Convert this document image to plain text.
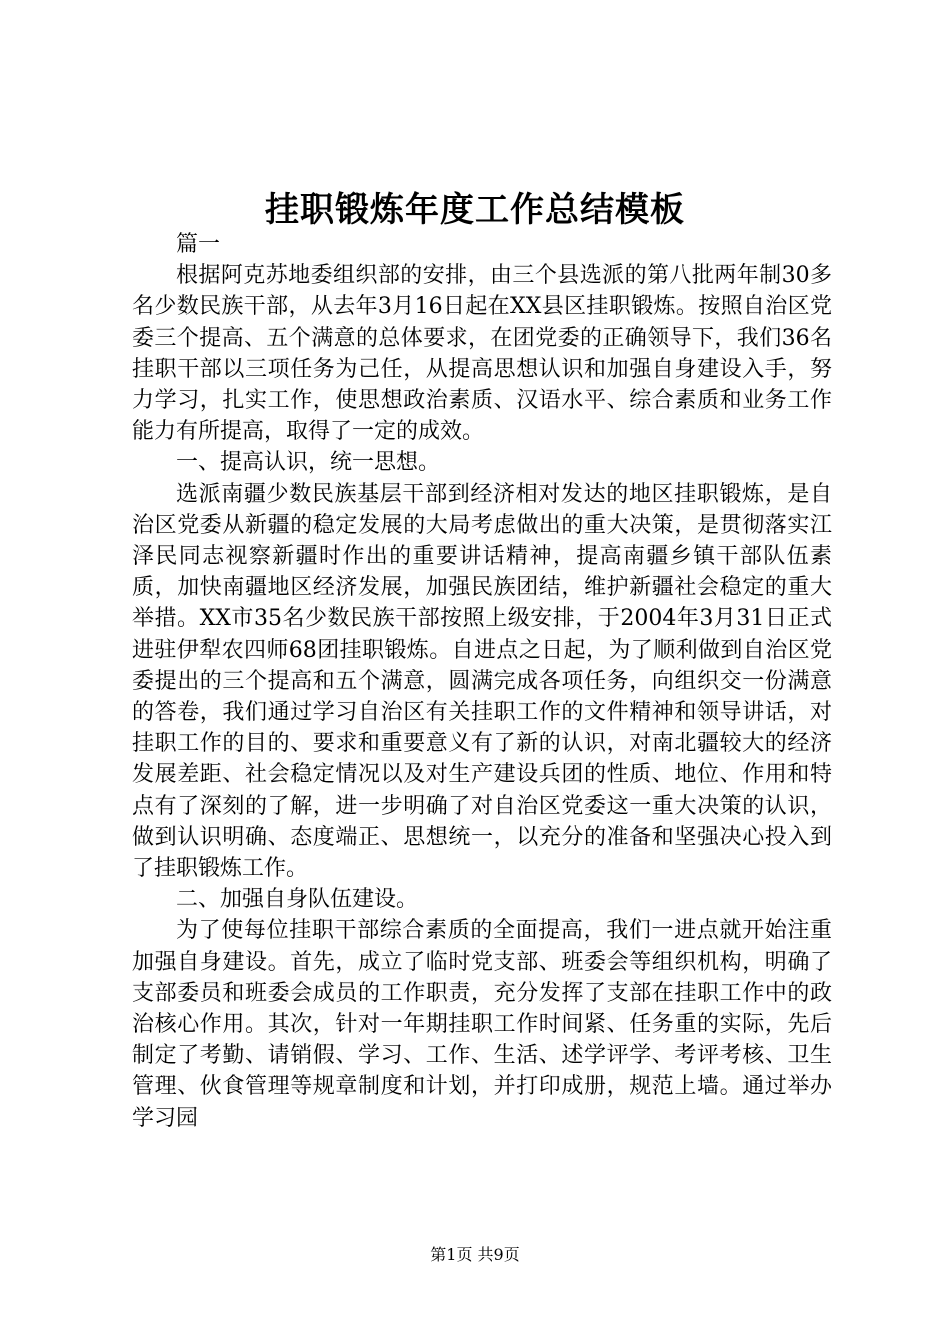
挂职锻炼年度工作总结模板

篇一

根据阿克苏地委组织部的安排，由三个县选派的第八批两年制30多名少数民族干部，从去年3月16日起在XX县区挂职锻炼。按照自治区党委三个提高、五个满意的总体要求，在团党委的正确领导下，我们36名挂职干部以三项任务为己任，从提高思想认识和加强自身建设入手，努力学习，扎实工作，使思想政治素质、汉语水平、综合素质和业务工作能力有所提高，取得了一定的成效。

一、提高认识，统一思想。

选派南疆少数民族基层干部到经济相对发达的地区挂职锻炼，是自治区党委从新疆的稳定发展的大局考虑做出的重大决策，是贯彻落实江泽民同志视察新疆时作出的重要讲话精神，提高南疆乡镇干部队伍素质，加快南疆地区经济发展，加强民族团结，维护新疆社会稳定的重大举措。XX市35名少数民族干部按照上级安排，于2004年3月31日正式进驻伊犁农四师68团挂职锻炼。自进点之日起，为了顺利做到自治区党委提出的三个提高和五个满意，圆满完成各项任务，向组织交一份满意的答卷，我们通过学习自治区有关挂职工作的文件精神和领导讲话，对挂职工作的目的、要求和重要意义有了新的认识，对南北疆较大的经济发展差距、社会稳定情况以及对生产建设兵团的性质、地位、作用和特点有了深刻的了解，进一步明确了对自治区党委这一重大决策的认识，做到认识明确、态度端正、思想统一，以充分的准备和坚强决心投入到了挂职锻炼工作。

二、加强自身队伍建设。

为了使每位挂职干部综合素质的全面提高，我们一进点就开始注重加强自身建设。首先，成立了临时党支部、班委会等组织机构，明确了支部委员和班委会成员的工作职责，充分发挥了支部在挂职工作中的政治核心作用。其次，针对一年期挂职工作时间紧、任务重的实际，先后制定了考勤、请销假、学习、工作、生活、述学评学、考评考核、卫生管理、伙食管理等规章制度和计划，并打印成册，规范上墙。通过举办学习园

第1页 共9页
